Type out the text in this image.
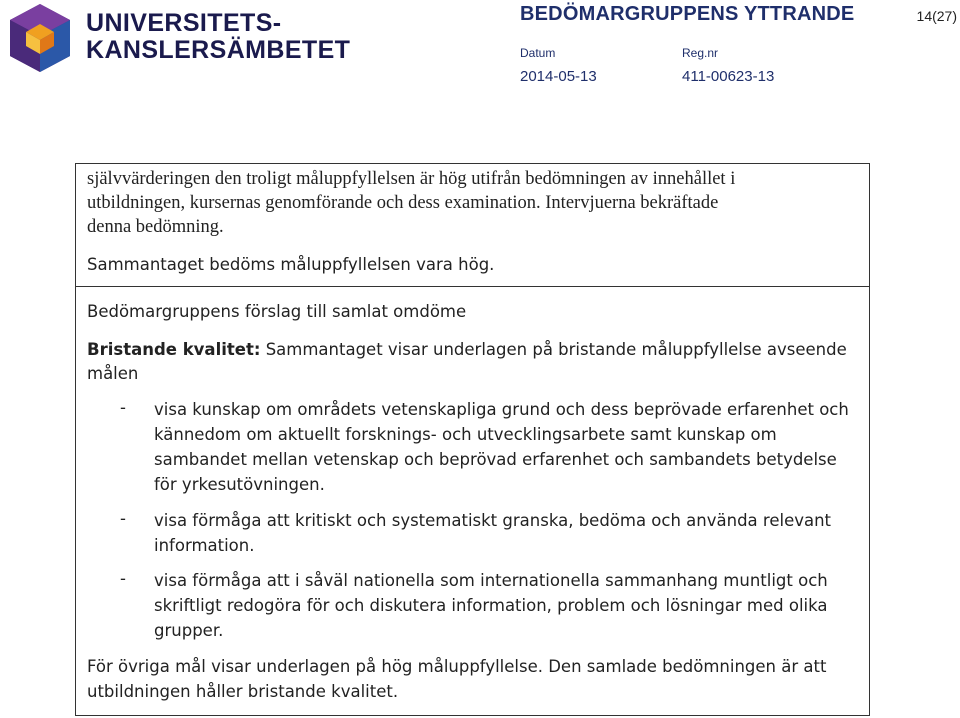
UNIVERSITETS-
KANSLERSÄMBETET
BEDÖMARGRUPPENS YTTRANDE	14(27)
Datum	Reg.nr
2014-05-13	411-00623-13
självvärderingen den troligt måluppfyllelsen är hög utifrån bedömningen av innehållet i
utbildningen, kursernas genomförande och dess examination. Intervjuerna bekräftade
denna bedömning.
Sammantaget bedöms måluppfyllelsen vara hög.
Bedömargruppens förslag till samlat omdöme
Bristande kvalitet: Sammantaget visar underlagen på bristande måluppfyllelse avseende
målen
- visa kunskap om områdets vetenskapliga grund och dess beprövade erfarenhet och
kännedom om aktuellt forsknings- och utvecklingsarbete samt kunskap om
sambandet mellan vetenskap och beprövad erfarenhet och sambandets betydelse
för yrkesutövningen.
- visa förmåga att kritiskt och systematiskt granska, bedöma och använda relevant
information.
- visa förmåga att i såväl nationella som internationella sammanhang muntligt och
skriftligt redogöra för och diskutera information, problem och lösningar med olika
grupper.
För övriga mål visar underlagen på hög måluppfyllelse. Den samlade bedömningen är att
utbildningen håller bristande kvalitet.
